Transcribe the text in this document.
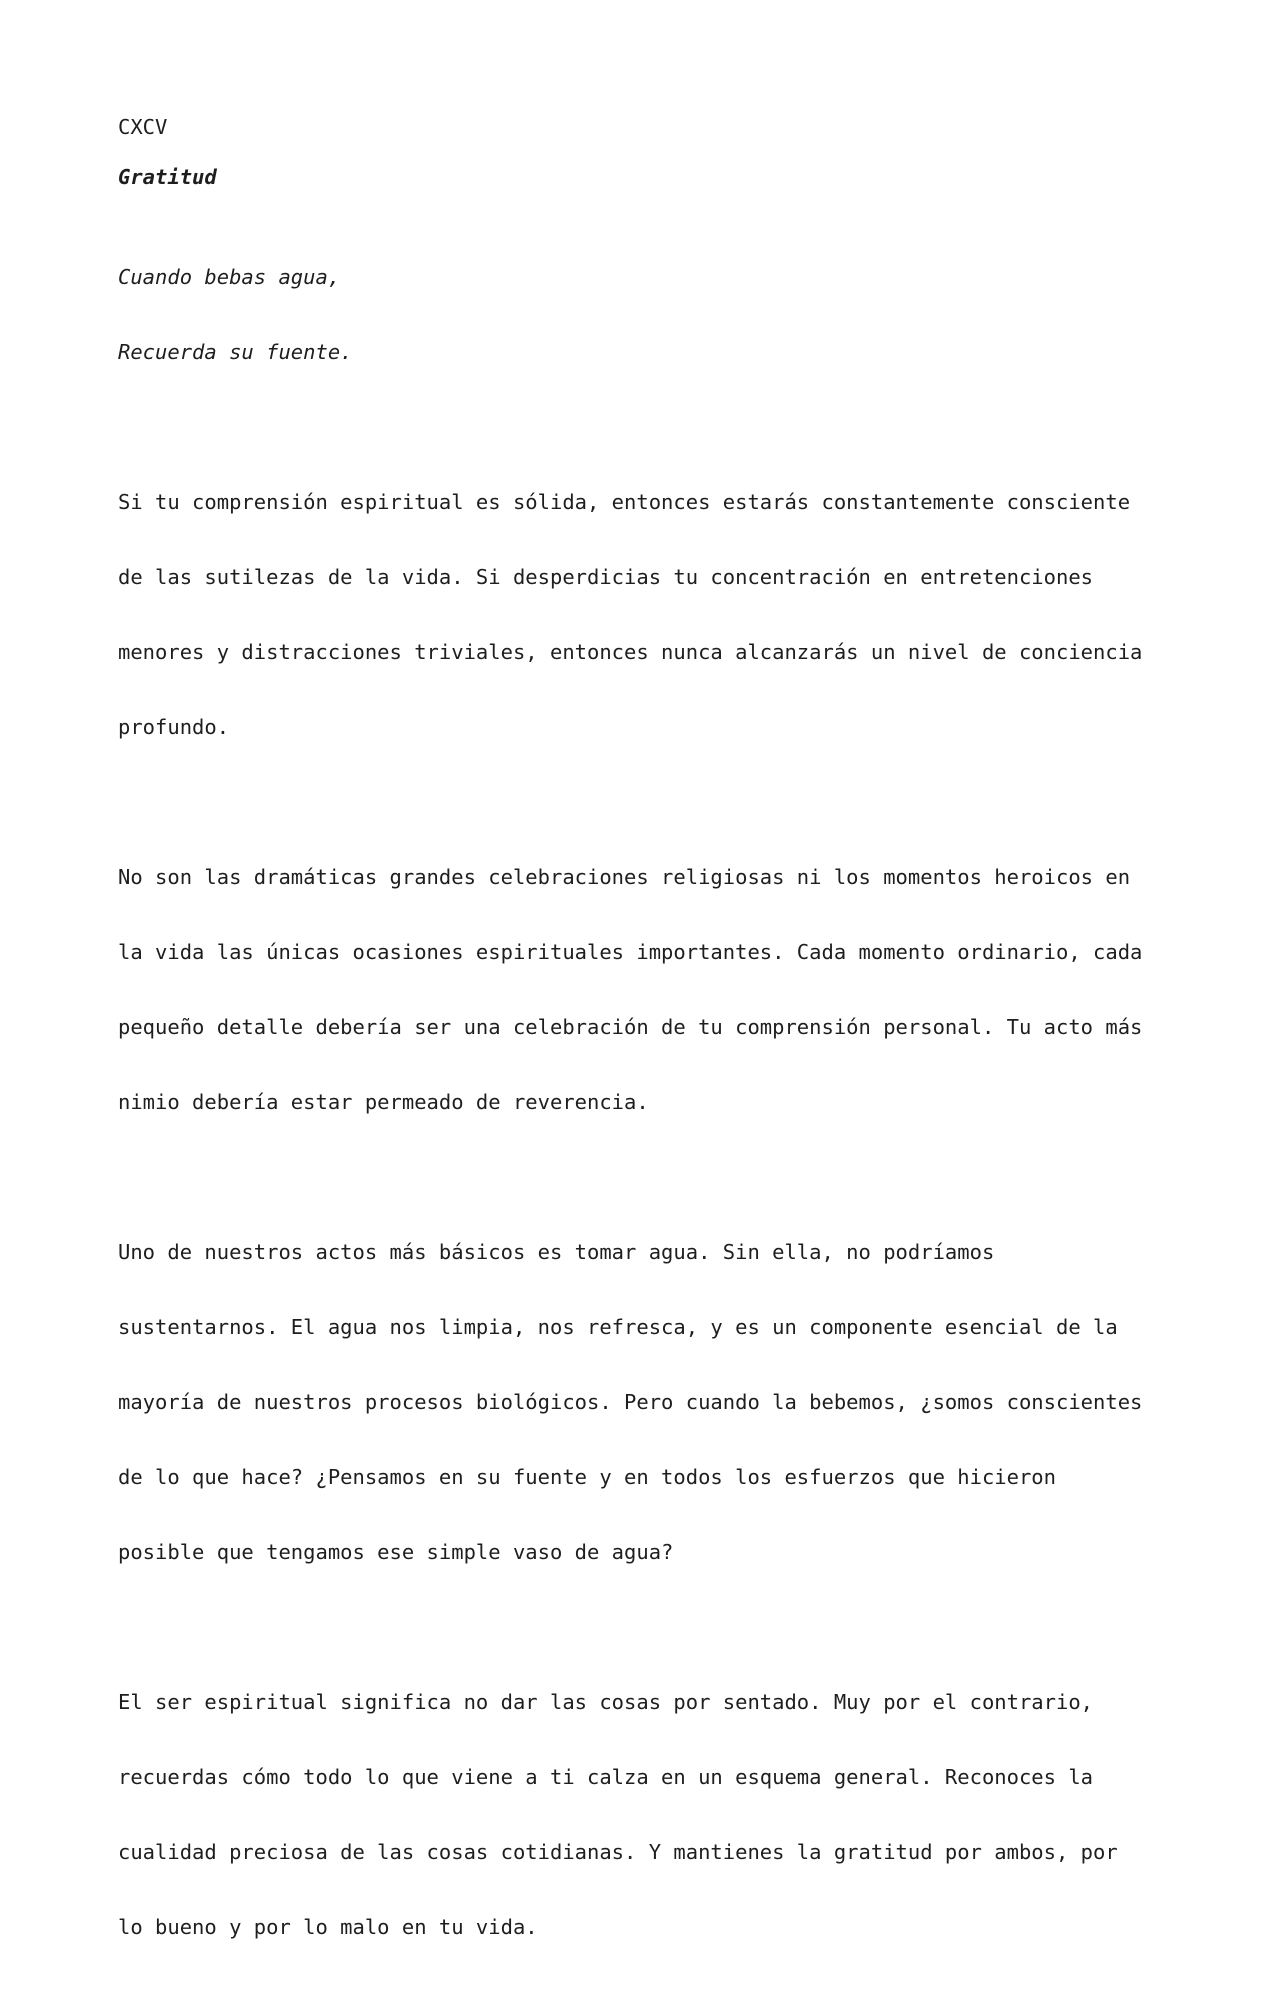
CXCV

Gratitud

Cuando bebas agua,

Recuerda su fuente.

Si tu comprensión espiritual es sólida, entonces estarás constantemente consciente

de las sutilezas de la vida. Si desperdicias tu concentración en entretenciones

menores y distracciones triviales, entonces nunca alcanzarás un nivel de conciencia

profundo.

No son las dramáticas grandes celebraciones religiosas ni los momentos heroicos en

la vida las únicas ocasiones espirituales importantes. Cada momento ordinario, cada

pequeño detalle debería ser una celebración de tu comprensión personal. Tu acto más

nimio debería estar permeado de reverencia.

Uno de nuestros actos más básicos es tomar agua. Sin ella, no podríamos

sustentarnos. El agua nos limpia, nos refresca, y es un componente esencial de la

mayoría de nuestros procesos biológicos. Pero cuando la bebemos, ¿somos conscientes

de lo que hace? ¿Pensamos en su fuente y en todos los esfuerzos que hicieron

posible que tengamos ese simple vaso de agua?

El ser espiritual significa no dar las cosas por sentado. Muy por el contrario,

recuerdas cómo todo lo que viene a ti calza en un esquema general. Reconoces la

cualidad preciosa de las cosas cotidianas. Y mantienes la gratitud por ambos, por

lo bueno y por lo malo en tu vida.
